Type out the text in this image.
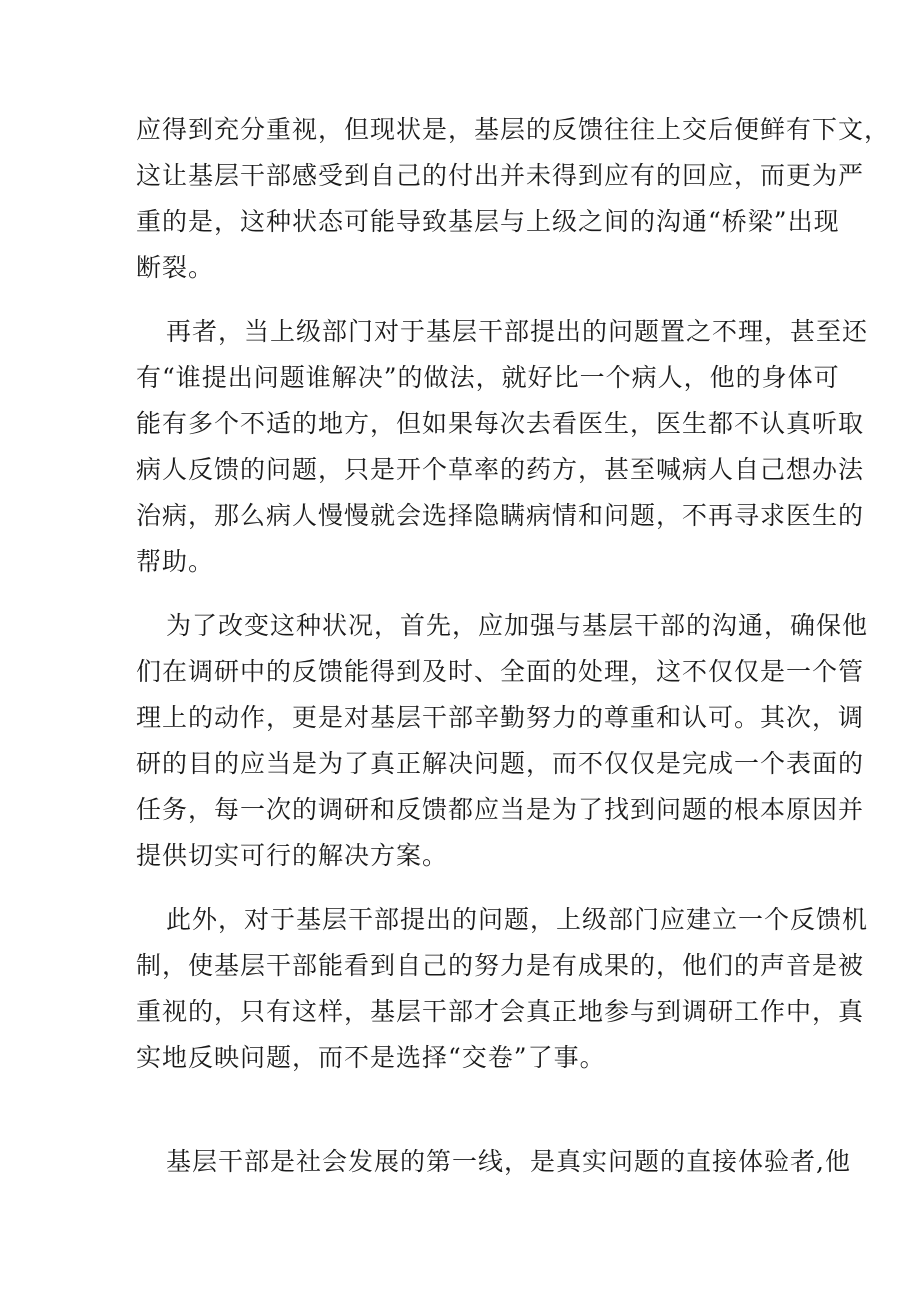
应得到充分重视，但现状是，基层的反馈往往上交后便鲜有下文，
这让基层干部感受到自己的付出并未得到应有的回应，而更为严
重的是，这种状态可能导致基层与上级之间的沟通“桥梁”出现
断裂。
再者，当上级部门对于基层干部提出的问题置之不理，甚至还
有“谁提出问题谁解决”的做法，就好比一个病人，他的身体可
能有多个不适的地方，但如果每次去看医生，医生都不认真听取
病人反馈的问题，只是开个草率的药方，甚至喊病人自己想办法
治病，那么病人慢慢就会选择隐瞒病情和问题，不再寻求医生的
帮助。
为了改变这种状况，首先，应加强与基层干部的沟通，确保他
们在调研中的反馈能得到及时、全面的处理，这不仅仅是一个管
理上的动作，更是对基层干部辛勤努力的尊重和认可。其次，调
研的目的应当是为了真正解决问题，而不仅仅是完成一个表面的
任务，每一次的调研和反馈都应当是为了找到问题的根本原因并
提供切实可行的解决方案。
此外，对于基层干部提出的问题，上级部门应建立一个反馈机
制，使基层干部能看到自己的努力是有成果的，他们的声音是被
重视的，只有这样，基层干部才会真正地参与到调研工作中，真
实地反映问题，而不是选择“交卷”了事。
基层干部是社会发展的第一线，是真实问题的直接体验者,他
